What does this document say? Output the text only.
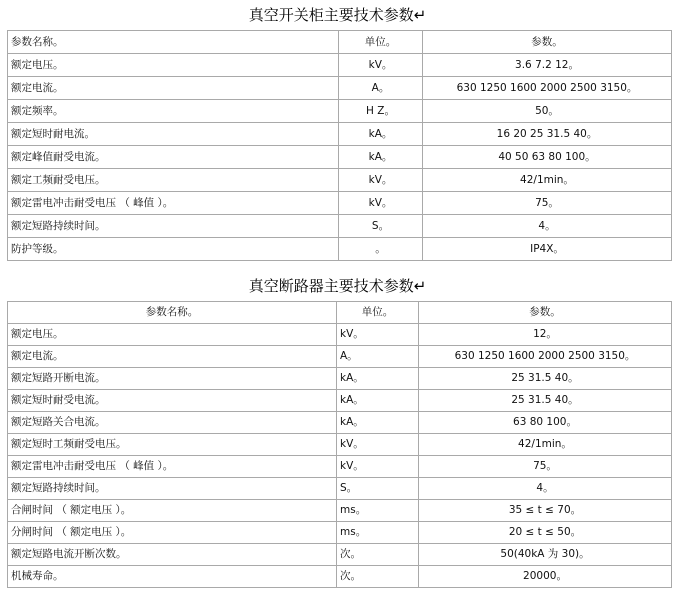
真空开关柜主要技术参数↵
参数名称。	单位。	参数。
额定电压。	kV。	3.6 7.2 12。
额定电流。	A。	630 1250 1600 2000 2500 3150。
额定频率。	H Z。	50。
额定短时耐电流。	kA。	16 20 25 31.5 40。
额定峰值耐受电流。	kA。	40 50 63 80 100。
额定工频耐受电压。	kV。	42/1min。
额定雷电冲击耐受电压 （ 峰值 ）。	kV。	75。
额定短路持续时间。	S。	4。
防护等级。	。	IP4X。
真空断路器主要技术参数↵
参数名称。	单位。	参数。
额定电压。	kV。	12。
额定电流。	A。	630 1250 1600 2000 2500 3150。
额定短路开断电流。	kA。	25 31.5 40。
额定短时耐受电流。	kA。	25 31.5 40。
额定短路关合电流。	kA。	63 80 100。
额定短时工频耐受电压。	kV。	42/1min。
额定雷电冲击耐受电压 （ 峰值 ）。	kV。	75。
额定短路持续时间。	S。	4。
合闸时间 （ 额定电压 ）。	ms。	35 ≤ t ≤ 70。
分闸时间 （ 额定电压 ）。	ms。	20 ≤ t ≤ 50。
额定短路电流开断次数。	次。	50(40kA 为 30)。
机械寿命。	次。	20000。
